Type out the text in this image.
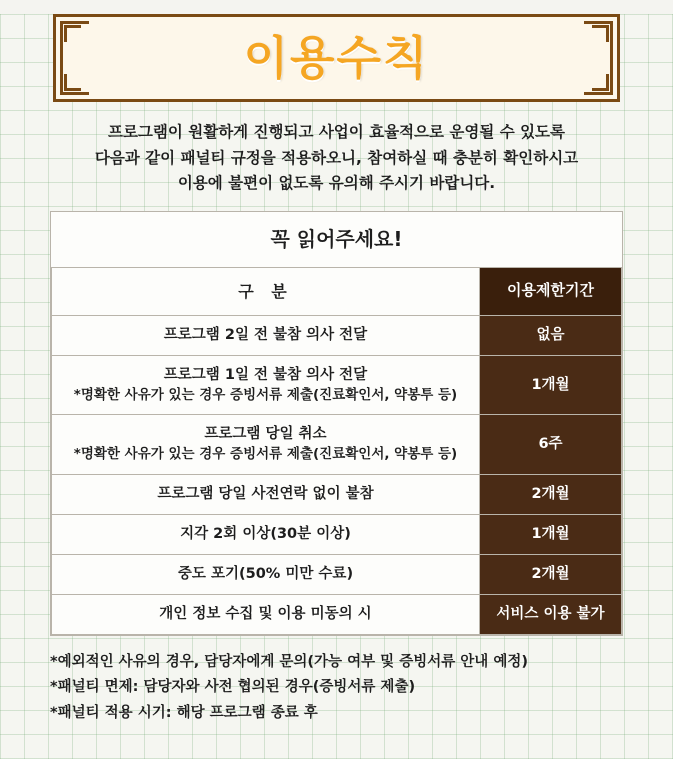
이용수칙
프로그램이 원활하게 진행되고 사업이 효율적으로 운영될 수 있도록
다음과 같이 패널티 규정을 적용하오니, 참여하실 때 충분히 확인하시고
이용에 불편이 없도록 유의해 주시기 바랍니다.
꼭 읽어주세요!	
구 분	이용제한기간
프로그램 2일 전 불참 의사 전달	없음
프로그램 1일 전 불참 의사 전달
*명확한 사유가 있는 경우 증빙서류 제출(진료확인서, 약봉투 등)	1개월
프로그램 당일 취소
*명확한 사유가 있는 경우 증빙서류 제출(진료확인서, 약봉투 등)	6주
프로그램 당일 사전연락 없이 불참	2개월
지각 2회 이상(30분 이상)	1개월
중도 포기(50% 미만 수료)	2개월
개인 정보 수집 및 이용 미동의 시	서비스 이용 불가
*예외적인 사유의 경우, 담당자에게 문의(가능 여부 및 증빙서류 안내 예정)
*패널티 면제: 담당자와 사전 협의된 경우(증빙서류 제출)
*패널티 적용 시기: 해당 프로그램 종료 후
